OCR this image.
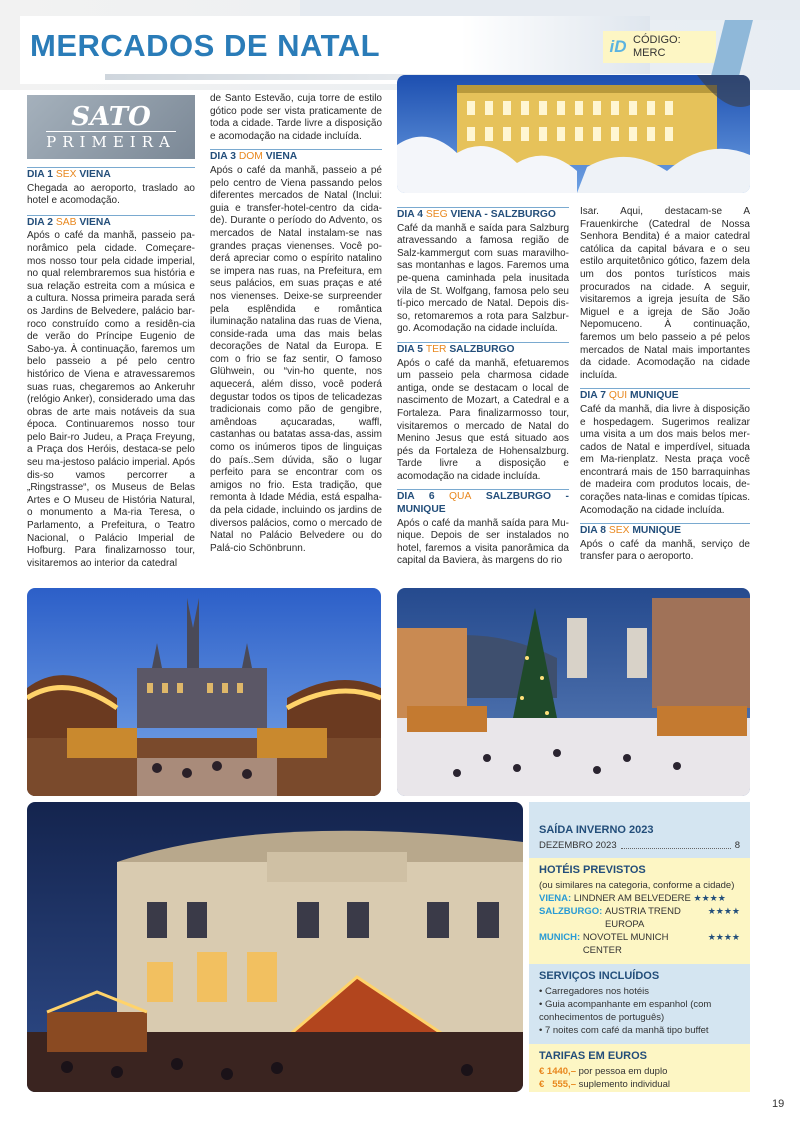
MERCADOS DE NATAL	iD CÓDIGO:
MERC
SATO
PRIMEIRA
DIA 1 SEX VIENA
Chegada ao aeroporto, traslado ao hotel e acomodação.
DIA 2 SAB VIENA
Após o café da manhã, passeio pa-norâmico pela cidade. Começare-mos nosso tour pela cidade imperial, no qual relembraremos sua história e sua relação estreita com a música e a cultura. Nossa primeira parada será os Jardins de Belvedere, palácio bar-roco construído como a residên-cia de verão do Príncipe Eugenio de Sabo-ya. À continuação, faremos um belo passeio a pé pelo centro histórico de Viena e atravessaremos suas ruas, chegaremos ao Ankeruhr (relógio Anker), considerado uma das obras de arte mais notáveis da sua época. Continuaremos nosso tour pelo Bair-ro Judeu, a Praça Freyung, a Praça dos Heróis, destaca-se pelo seu ma-jestoso palácio imperial. Após dis-so vamos percorrer a „Ringstrasse“, os Museus de Belas Artes e O Museu de História Natural, o monumento a Ma-ria Teresa, o Parlamento, a Prefeitura, o Teatro Nacional, o Palácio Imperial de Hofburg. Para finalizarnosso tour, visitaremos ao interior da catedral
de Santo Estevão, cuja torre de estilo gótico pode ser vista praticamente de toda a cidade. Tarde livre a disposição e acomodação na cidade incluída.
DIA 3 DOM VIENA
Após o café da manhã, passeio a pé pelo centro de Viena passando pelos diferentes mercados de Natal (Inclui: guia e transfer-hotel-centro da cida-de). Durante o período do Advento, os mercados de Natal instalam-se nas grandes praças vienenses. Você po-derá apreciar como o espírito natalino se impera nas ruas, na Prefeitura, em seus palácios, em suas praças e até nos vienenses. Deixe-se surpreender pela esplêndida e romântica iluminação natalina das ruas de Viena, conside-rada uma das mais belas decorações de Natal da Europa. E com o frio se faz sentir, O famoso Glühwein, ou “vin-ho quente, nos aquecerá, além disso, você poderá degustar todos os tipos de telicadezas tradicionais como pão de gengibre, amêndoas açucaradas, waffl, castanhas ou batatas assa-das, assim como os inúmeros tipos de linguiças do país..Sem dúvida, são o lugar perfeito para se encontrar com os amigos no frio. Esta tradição, que remonta à Idade Média, está espalha-da pela cidade, incluindo os jardins de diversos palácios, como o mercado de Natal no Palácio Belvedere ou do Palá-cio Schönbrunn.
DIA 4 SEG VIENA - SALZBURGO
Café da manhã e saída para Salzburg atravessando a famosa região de Salz-kammergut com suas maravilho-sas montanhas e lagos. Faremos uma pe-quena caminhada pela inusitada vila de St. Wolfgang, famosa pelo seu tí-pico mercado de Natal. Depois dis-so, retomaremos a rota para Salzbur-go. Acomodação na cidade incluída.
DIA 5 TER SALZBURGO
Após o café da manhã, efetuaremos um passeio pela charmosa cidade antiga, onde se destacam o local de nascimento de Mozart, a Catedral e a Fortaleza. Para finalizarmosso tour, visitaremos o mercado de Natal do Menino Jesus que está situado aos pés da Fortaleza de Hohensalzburg. Tarde livre a disposição e acomodação na cidade incluída.
DIA 6 QUA SALZBURGO -MUNIQUE
Após o café da manhã saída para Mu-nique. Depois de ser instalados no hotel, faremos a visita panorâmica da capital da Baviera, às margens do rio
Isar. Aqui, destacam-se A Frauenkirche (Catedral de Nossa Senhora Bendita) é a maior catedral católica da capital bávara e o seu estilo arquitetônico gótico, fazem dela um dos pontos turísticos mais procurados na cidade. A seguir, visitaremos a igreja jesuíta de São Miguel e a igreja de São João Nepomuceno. À continuação, faremos um belo passeio a pé pelos mercados de Natal mais importantes da cidade. Acomodação na cidade incluída.
DIA 7 QUI MUNIQUE
Café da manhã, dia livre à disposição e hospedagem. Sugerimos realizar uma visita a um dos mais belos mer-cados de Natal e imperdível, situada em Ma-rienplatz. Nesta praça você encontrará mais de 150 barraquinhas de madeira com produtos locais, de-corações nata-linas e comidas típicas. Acomodação na cidade incluída.
DIA 8 SEX MUNIQUE
Após o café da manhã, serviço de transfer para o aeroporto.
SAÍDA INVERNO 2023
DEZEMBRO 2023	8
HOTÉIS PREVISTOS
(ou similares na categoria, conforme a cidade)
VIENA:
LINDNER AM BELVEDERE
★★★★
SALZBURGO:
AUSTRIA TREND EUROPA

★★★★
MUNICH:
NOVOTEL MUNICH CENTER

★★★★
SERVIÇOS INCLUÍDOS
• Carregadores nos hotéis
• Guia acompanhante em espanhol (com conhecimentos de português)
• 7 noites com café da manhã tipo buffet
TARIFAS EM EUROS
€ 1440,–
por pessoa em duplo
€   555,–
suplemento individual
19
